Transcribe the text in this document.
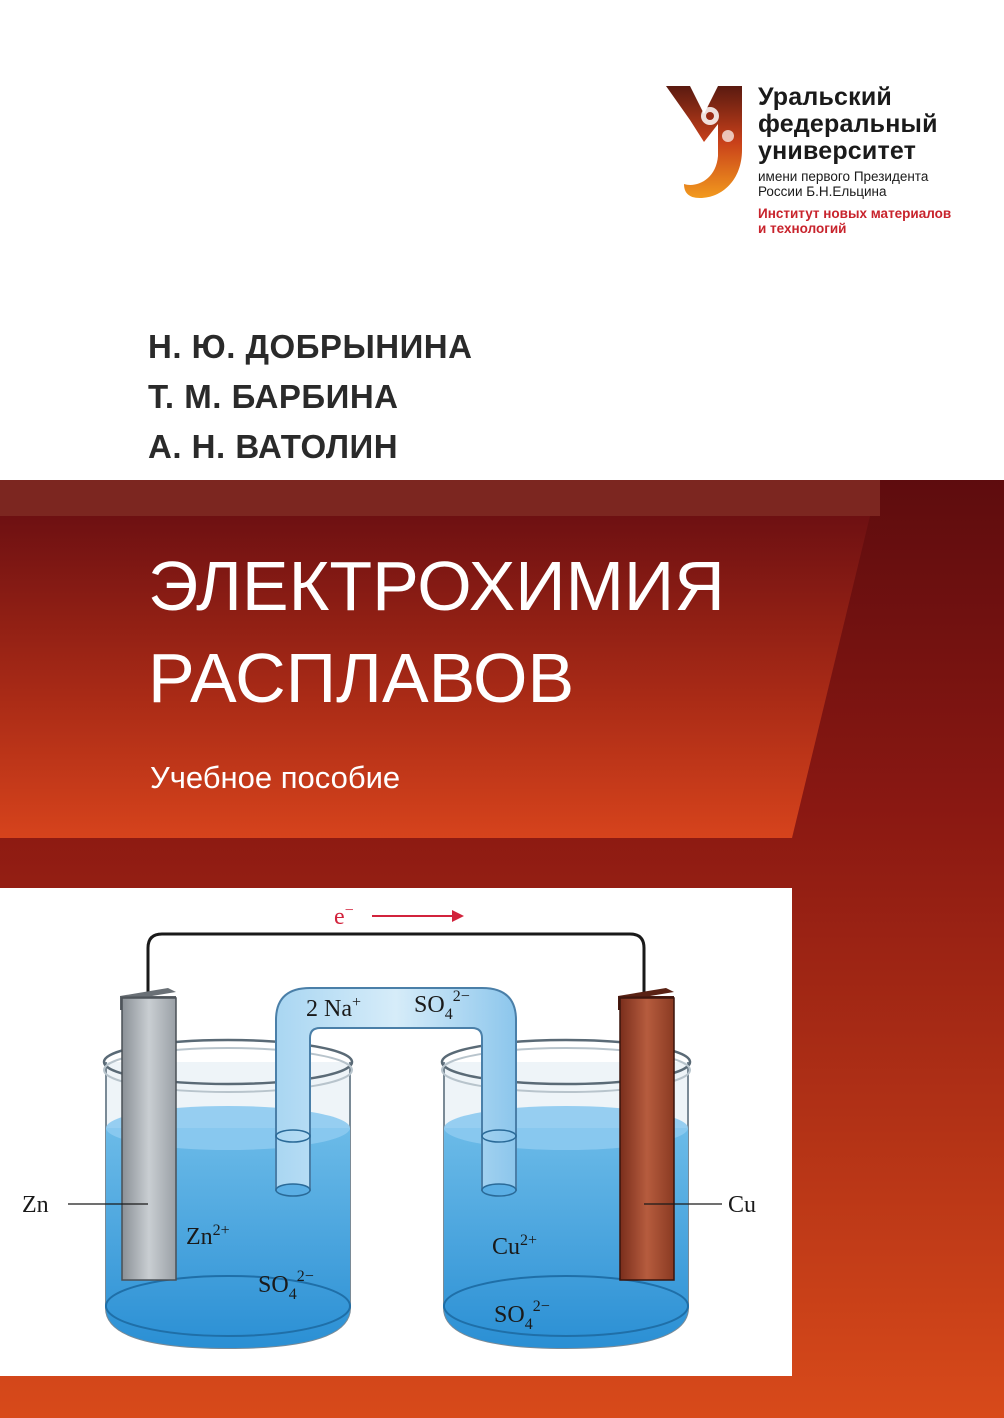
Уральский
федеральный
университет
имени первого Президента
России Б.Н.Ельцина
Институт новых материалов
и технологий
Н. Ю. ДОБРЫНИНА
Т. М. БАРБИНА
А. Н. ВАТОЛИН
ЭЛЕКТРОХИМИЯ
РАСПЛАВОВ
Учебное пособие
e−
2 Na+ $SO_4^{2-}$
Zn	Cu
$Zn^{2+}$
$SO_4^{2-}$
$Cu^{2+}$
$SO_4^{2-}$
